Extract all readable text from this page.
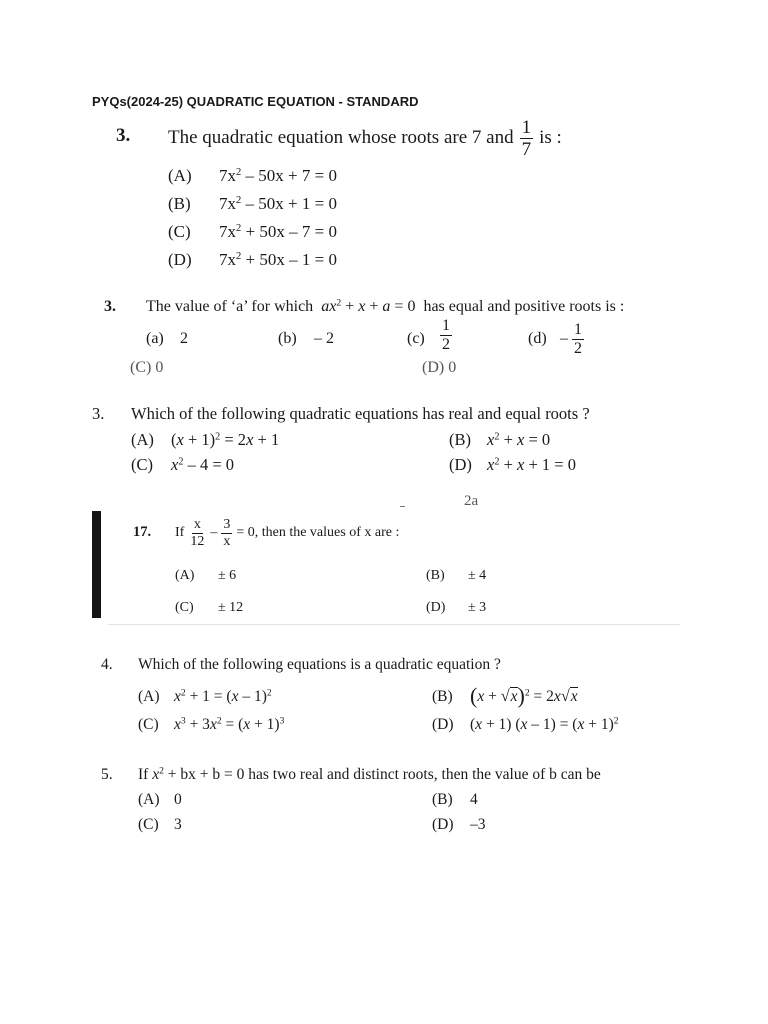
PYQs(2024-25) QUADRATIC EQUATION - STANDARD
3. The quadratic equation whose roots are 7 and $\frac{1}{7}$ is :
(A) $7x^2 - 50x + 7 = 0$
(B) $7x^2 - 50x + 1 = 0$
(C) $7x^2 + 50x - 7 = 0$
(D) $7x^2 + 50x - 1 = 0$
3. The value of ‘a’ for which $ax^2 + x + a = 0$  has equal and positive roots is :
(a) 2	(b) – 2	$(c) \frac{1}{2}$	$(d) - \frac{1}{2}$
(C) 0	(D) 0
3. Which of the following quadratic equations has real and equal roots ?
(A) $(x + 1)^2 = 2x + 1$	(B) $x^2 + x = 0$
(C) $x^2 - 4 = 0$	(D) $x^2 + x + 1 = 0$
2a
17. If $\frac{x}{12} - \frac{3}{x} = 0$, then the values of x are :
(A) ± 6	(B) ± 4
(C) ± 12	(D) ± 3
4. Which of the following equations is a quadratic equation ?
(A) $x^2 + 1 = (x - 1)^2$	(B) $(x + √x)^2 = 2x√x$
(C) $x^3 + 3x^2 = (x + 1)^3$	(D) (x + 1) $(x - 1) = (x + 1)^2$
5. If $x^2$ + bx + b = 0 has two real and distinct roots, then the value of b can be
(A) 0	(B) 4
(C) 3	(D) –3
